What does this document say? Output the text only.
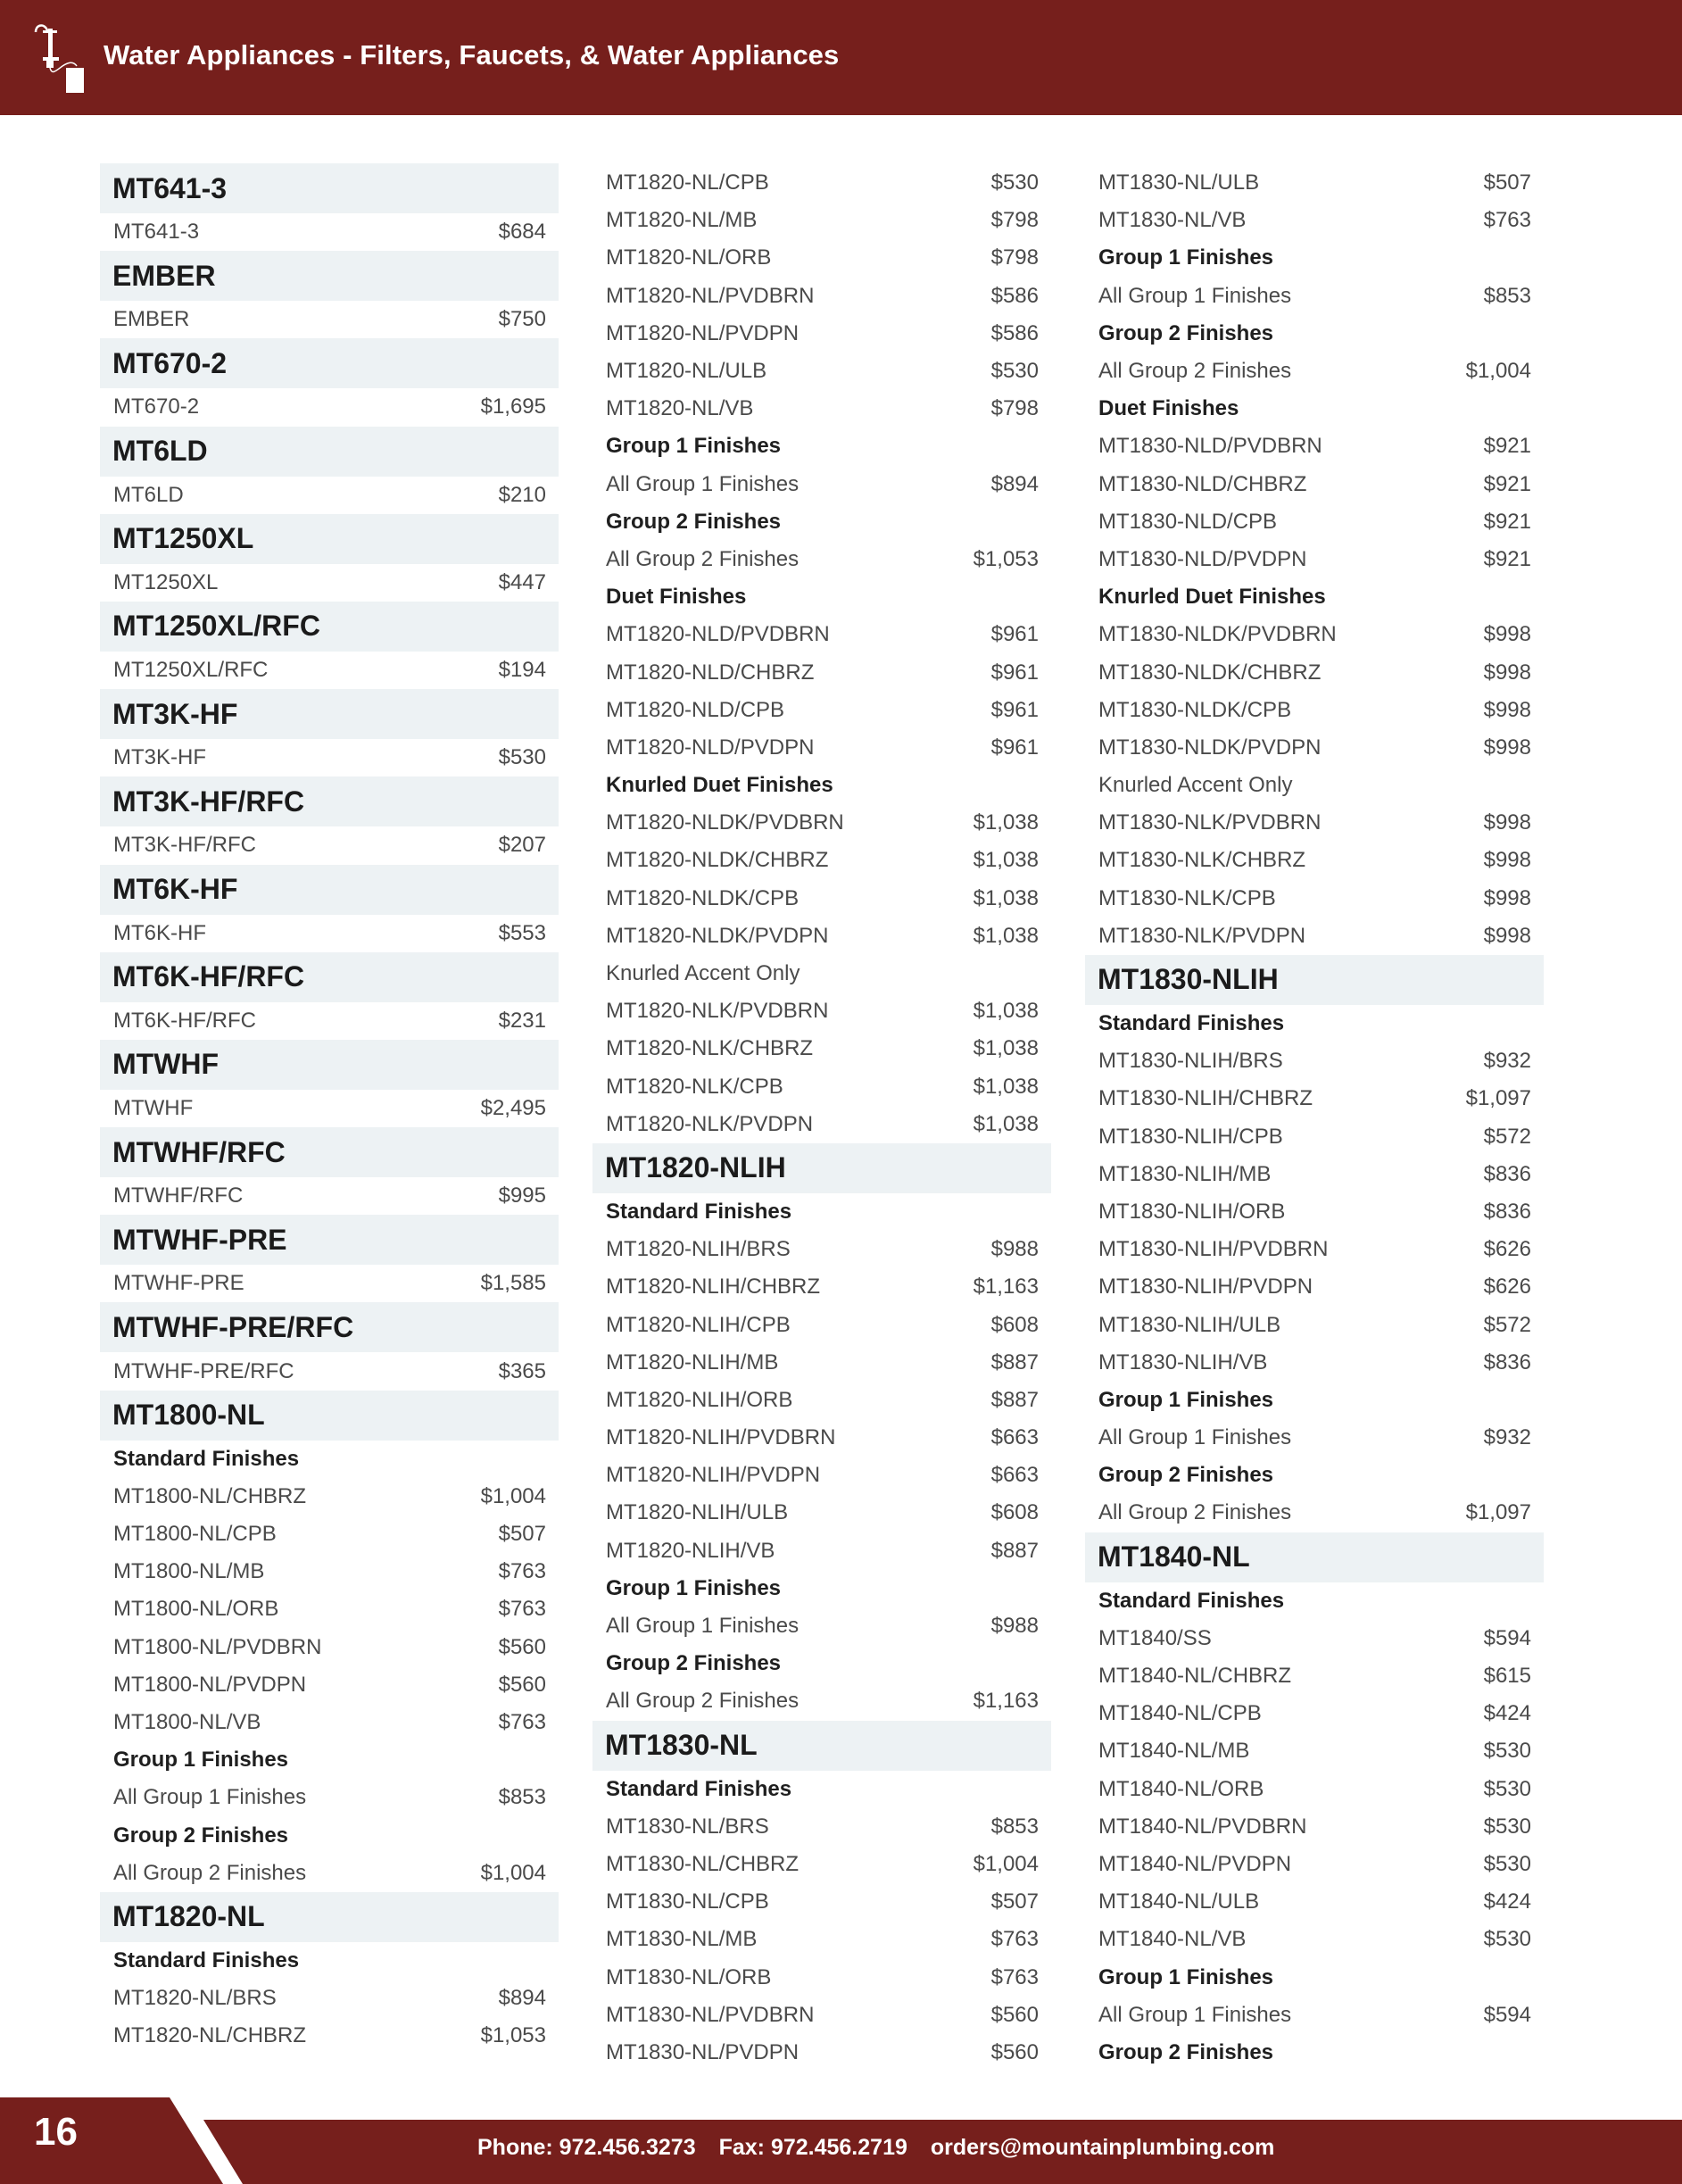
Water Appliances - Filters, Faucets, & Water Appliances
MT641-3
MT641-3	$684
EMBER
EMBER	$750
MT670-2
MT670-2	$1,695
MT6LD
MT6LD	$210
MT1250XL
MT1250XL	$447
MT1250XL/RFC
MT1250XL/RFC	$194
MT3K-HF
MT3K-HF	$530
MT3K-HF/RFC
MT3K-HF/RFC	$207
MT6K-HF
MT6K-HF	$553
MT6K-HF/RFC
MT6K-HF/RFC	$231
MTWHF
MTWHF	$2,495
MTWHF/RFC
MTWHF/RFC	$995
MTWHF-PRE
MTWHF-PRE	$1,585
MTWHF-PRE/RFC
MTWHF-PRE/RFC	$365
MT1800-NL
Standard Finishes
MT1800-NL/CHBRZ	$1,004
MT1800-NL/CPB	$507
MT1800-NL/MB	$763
MT1800-NL/ORB	$763
MT1800-NL/PVDBRN	$560
MT1800-NL/PVDPN	$560
MT1800-NL/VB	$763
Group 1 Finishes
All Group 1 Finishes	$853
Group 2 Finishes
All Group 2 Finishes	$1,004
MT1820-NL
Standard Finishes
MT1820-NL/BRS	$894
MT1820-NL/CHBRZ	$1,053
MT1820-NL/CPB	$530
MT1820-NL/MB	$798
MT1820-NL/ORB	$798
MT1820-NL/PVDBRN	$586
MT1820-NL/PVDPN	$586
MT1820-NL/ULB	$530
MT1820-NL/VB	$798
Group 1 Finishes
All Group 1 Finishes	$894
Group 2 Finishes
All Group 2 Finishes	$1,053
Duet Finishes
MT1820-NLD/PVDBRN	$961
MT1820-NLD/CHBRZ	$961
MT1820-NLD/CPB	$961
MT1820-NLD/PVDPN	$961
Knurled Duet Finishes
MT1820-NLDK/PVDBRN	$1,038
MT1820-NLDK/CHBRZ	$1,038
MT1820-NLDK/CPB	$1,038
MT1820-NLDK/PVDPN	$1,038
Knurled Accent Only
MT1820-NLK/PVDBRN	$1,038
MT1820-NLK/CHBRZ	$1,038
MT1820-NLK/CPB	$1,038
MT1820-NLK/PVDPN	$1,038
MT1820-NLIH
Standard Finishes
MT1820-NLIH/BRS	$988
MT1820-NLIH/CHBRZ	$1,163
MT1820-NLIH/CPB	$608
MT1820-NLIH/MB	$887
MT1820-NLIH/ORB	$887
MT1820-NLIH/PVDBRN	$663
MT1820-NLIH/PVDPN	$663
MT1820-NLIH/ULB	$608
MT1820-NLIH/VB	$887
Group 1 Finishes
All Group 1 Finishes	$988
Group 2 Finishes
All Group 2 Finishes	$1,163
MT1830-NL
Standard Finishes
MT1830-NL/BRS	$853
MT1830-NL/CHBRZ	$1,004
MT1830-NL/CPB	$507
MT1830-NL/MB	$763
MT1830-NL/ORB	$763
MT1830-NL/PVDBRN	$560
MT1830-NL/PVDPN	$560
MT1830-NL/ULB	$507
MT1830-NL/VB	$763
Group 1 Finishes
All Group 1 Finishes	$853
Group 2 Finishes
All Group 2 Finishes	$1,004
Duet Finishes
MT1830-NLD/PVDBRN	$921
MT1830-NLD/CHBRZ	$921
MT1830-NLD/CPB	$921
MT1830-NLD/PVDPN	$921
Knurled Duet Finishes
MT1830-NLDK/PVDBRN	$998
MT1830-NLDK/CHBRZ	$998
MT1830-NLDK/CPB	$998
MT1830-NLDK/PVDPN	$998
Knurled Accent Only
MT1830-NLK/PVDBRN	$998
MT1830-NLK/CHBRZ	$998
MT1830-NLK/CPB	$998
MT1830-NLK/PVDPN	$998
MT1830-NLIH
Standard Finishes
MT1830-NLIH/BRS	$932
MT1830-NLIH/CHBRZ	$1,097
MT1830-NLIH/CPB	$572
MT1830-NLIH/MB	$836
MT1830-NLIH/ORB	$836
MT1830-NLIH/PVDBRN	$626
MT1830-NLIH/PVDPN	$626
MT1830-NLIH/ULB	$572
MT1830-NLIH/VB	$836
Group 1 Finishes
All Group 1 Finishes	$932
Group 2 Finishes
All Group 2 Finishes	$1,097
MT1840-NL
Standard Finishes
MT1840/SS	$594
MT1840-NL/CHBRZ	$615
MT1840-NL/CPB	$424
MT1840-NL/MB	$530
MT1840-NL/ORB	$530
MT1840-NL/PVDBRN	$530
MT1840-NL/PVDPN	$530
MT1840-NL/ULB	$424
MT1840-NL/VB	$530
Group 1 Finishes
All Group 1 Finishes	$594
Group 2 Finishes
16	Phone: 972.456.3273 Fax: 972.456.2719 orders@mountainplumbing.com
